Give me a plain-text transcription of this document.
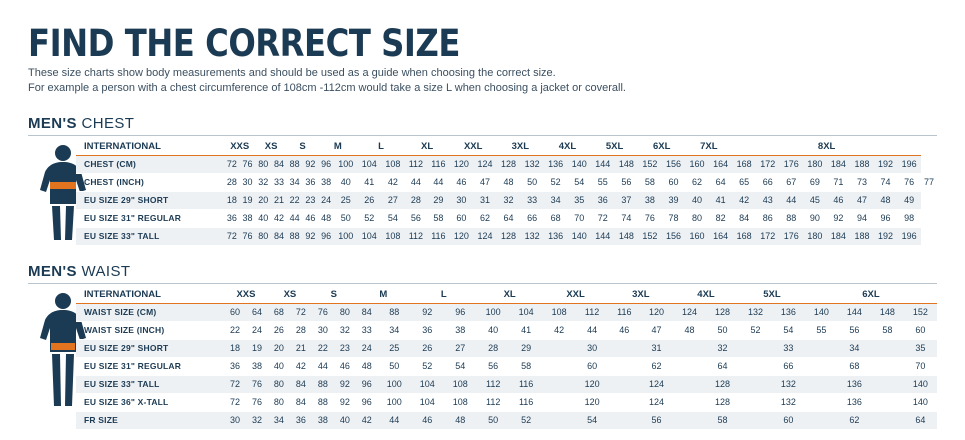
FIND THE CORRECT SIZE
These size charts show body measurements and should be used as a guide when choosing the correct size.
For example a person with a chest circumference of 108cm -112cm would take a size L when choosing a jacket or coverall.
MEN'S CHEST
INTERNATIONAL	XXS		XS		S		M		L		XL		XXL		3XL		4XL		5XL		6XL		7XL		8XL								
CHEST (CM)	72	76	80	84	88	92	96	100	104	108	112	116	120	124	128	132	136	140	144	148	152	156	160	164	168	172	176	180	184	188	192	196	
CHEST (INCH)	28	30	32	33	34	36	38	40	41	42	44	44	46	47	48	50	52	54	55	56	58	60	62	64	65	66	67	69	71	73	74	76	77
EU SIZE 29" SHORT	18	19	20	21	22	23	24	25	26	27	28	29	30	31	32	33	34	35	36	37	38	39	40	41	42	43	44	45	46	47	48	49	
EU SIZE 31" REGULAR	36	38	40	42	44	46	48	50	52	54	56	58	60	62	64	66	68	70	72	74	76	78	80	82	84	86	88	90	92	94	96	98	
EU SIZE 33" TALL	72	76	80	84	88	92	96	100	104	108	112	116	120	124	128	132	136	140	144	148	152	156	160	164	168	172	176	180	184	188	192	196	
MEN'S WAIST
INTERNATIONAL	XXS		XS		S		M		L		XL		XXL		3XL		4XL		5XL		6XL			
WAIST SIZE (CM)	60	64	68	72	76	80	84	88	92	96	100	104	108	112	116	120	124	128	132	136	140	144	148	152
WAIST SIZE (INCH)	22	24	26	28	30	32	33	34	36	38	40	41	42	44	46	47	48	50	52	54	55	56	58	60
EU SIZE 29" SHORT	18	19	20	21	22	23	24	25	26	27	28	29		30		31		32		33		34		35
EU SIZE 31" REGULAR	36	38	40	42	44	46	48	50	52	54	56	58		60		62		64		66		68		70
EU SIZE 33" TALL	72	76	80	84	88	92	96	100	104	108	112	116		120		124		128		132		136		140
EU SIZE 36" X-TALL	72	76	80	84	88	92	96	100	104	108	112	116		120		124		128		132		136		140
FR SIZE	30	32	34	36	38	40	42	44	46	48	50	52		54		56		58		60		62		64
